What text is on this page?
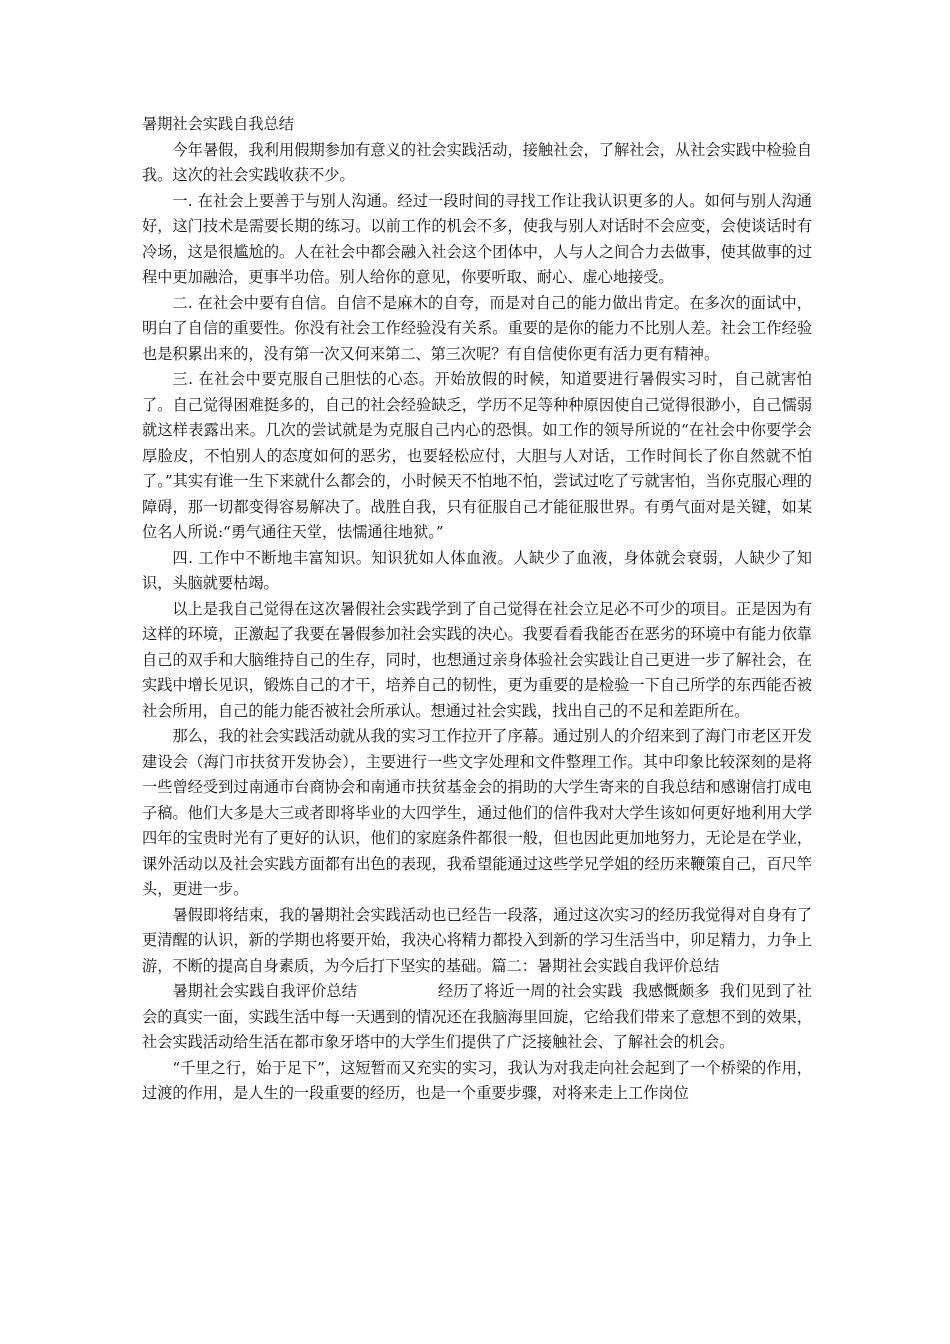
暑期社会实践自我总结

今年暑假，我利用假期参加有意义的社会实践活动，接触社会，了解社会，从社会实践中检验自我。这次的社会实践收获不少。

一. 在社会上要善于与别人沟通。经过一段时间的寻找工作让我认识更多的人。如何与别人沟通好，这门技术是需要长期的练习。以前工作的机会不多，使我与别人对话时不会应变，会使谈话时有冷场，这是很尴尬的。人在社会中都会融入社会这个团体中，人与人之间合力去做事，使其做事的过程中更加融洽，更事半功倍。别人给你的意见，你要听取、耐心、虚心地接受。

二. 在社会中要有自信。自信不是麻木的自夸，而是对自己的能力做出肯定。在多次的面试中，明白了自信的重要性。你没有社会工作经验没有关系。重要的是你的能力不比别人差。社会工作经验也是积累出来的，没有第一次又何来第二、第三次呢？有自信使你更有活力更有精神。

三. 在社会中要克服自己胆怯的心态。开始放假的时候，知道要进行暑假实习时，自己就害怕了。自己觉得困难挺多的，自己的社会经验缺乏，学历不足等种种原因使自己觉得很渺小，自己懦弱就这样表露出来。几次的尝试就是为克服自己内心的恐惧。如工作的领导所说的“在社会中你要学会厚脸皮，不怕别人的态度如何的恶劣，也要轻松应付，大胆与人对话，工作时间长了你自然就不怕了。”其实有谁一生下来就什么都会的，小时候天不怕地不怕，尝试过吃了亏就害怕，当你克服心理的障碍，那一切都变得容易解决了。战胜自我，只有征服自己才能征服世界。有勇气面对是关键，如某位名人所说:“勇气通往天堂，怯懦通往地狱。”

四. 工作中不断地丰富知识。知识犹如人体血液。人缺少了血液，身体就会衰弱，人缺少了知识，头脑就要枯竭。

以上是我自己觉得在这次暑假社会实践学到了自己觉得在社会立足必不可少的项目。正是因为有这样的环境，正激起了我要在暑假参加社会实践的决心。我要看看我能否在恶劣的环境中有能力依靠自己的双手和大脑维持自己的生存，同时，也想通过亲身体验社会实践让自己更进一步了解社会，在实践中增长见识，锻炼自己的才干，培养自己的韧性，更为重要的是检验一下自己所学的东西能否被社会所用，自己的能力能否被社会所承认。想通过社会实践，找出自己的不足和差距所在。

那么，我的社会实践活动就从我的实习工作拉开了序幕。通过别人的介绍来到了海门市老区开发建设会（海门市扶贫开发协会），主要进行一些文字处理和文件整理工作。其中印象比较深刻的是将一些曾经受到过南通市台商协会和南通市扶贫基金会的捐助的大学生寄来的自我总结和感谢信打成电子稿。他们大多是大三或者即将毕业的大四学生，通过他们的信件我对大学生该如何更好地利用大学四年的宝贵时光有了更好的认识，他们的家庭条件都很一般，但也因此更加地努力，无论是在学业，课外活动以及社会实践方面都有出色的表现，我希望能通过这些学兄学姐的经历来鞭策自己，百尺竿头，更进一步。

暑假即将结束，我的暑期社会实践活动也已经告一段落，通过这次实习的经历我觉得对自身有了更清醒的认识，新的学期也将要开始，我决心将精力都投入到新的学习生活当中，卯足精力，力争上游，不断的提高自身素质，为今后打下坚实的基础。篇二：暑期社会实践自我评价总结

暑期社会实践自我评价总结                经历了将近一周的社会实践  我感慨颇多  我们见到了社会的真实一面，实践生活中每一天遇到的情况还在我脑海里回旋，它给我们带来了意想不到的效果，社会实践活动给生活在都市象牙塔中的大学生们提供了广泛接触社会、了解社会的机会。

“千里之行，始于足下”，这短暂而又充实的实习，我认为对我走向社会起到了一个桥梁的作用，过渡的作用，是人生的一段重要的经历，也是一个重要步骤，对将来走上工作岗位
